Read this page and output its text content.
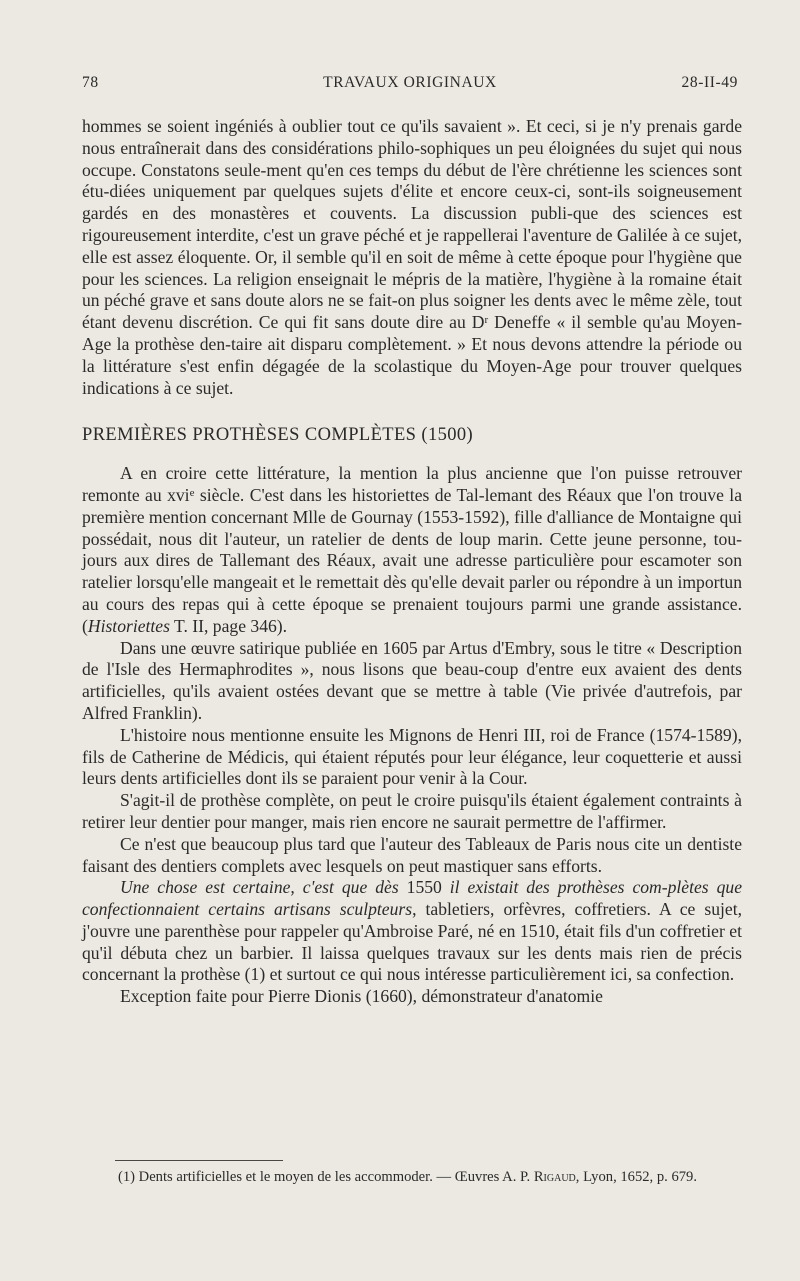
78	TRAVAUX ORIGINAUX	28-II-49

hommes se soient ingéniés à oublier tout ce qu'ils savaient ». Et ceci, si je n'y prenais garde nous entraînerait dans des considérations philo-sophiques un peu éloignées du sujet qui nous occupe. Constatons seule-ment qu'en ces temps du début de l'ère chrétienne les sciences sont étu-diées uniquement par quelques sujets d'élite et encore ceux-ci, sont-ils soigneusement gardés en des monastères et couvents. La discussion publi-que des sciences est rigoureusement interdite, c'est un grave péché et je rappellerai l'aventure de Galilée à ce sujet, elle est assez éloquente. Or, il semble qu'il en soit de même à cette époque pour l'hygiène que pour les sciences. La religion enseignait le mépris de la matière, l'hygiène à la romaine était un péché grave et sans doute alors ne se fait-on plus soigner les dents avec le même zèle, tout étant devenu discrétion. Ce qui fit sans doute dire au $D^r$ Deneffe « il semble qu'au Moyen-Age la prothèse den-taire ait disparu complètement. » Et nous devons attendre la période ou la littérature s'est enfin dégagée de la scolastique du Moyen-Age pour trouver quelques indications à ce sujet.

PREMIÈRES PROTHÈSES COMPLÈTES (1500)

A en croire cette littérature, la mention la plus ancienne que l'on puisse retrouver remonte au xvi$^e$ siècle. C'est dans les historiettes de Tal-lemant des Réaux que l'on trouve la première mention concernant Mlle de Gournay (1553-1592), fille d'alliance de Montaigne qui possédait, nous dit l'auteur, un ratelier de dents de loup marin. Cette jeune personne, tou-jours aux dires de Tallemant des Réaux, avait une adresse particulière pour escamoter son ratelier lorsqu'elle mangeait et le remettait dès qu'elle devait parler ou répondre à un importun au cours des repas qui à cette époque se prenaient toujours parmi une grande assistance. (Historiettes T. II, page 346).

Dans une œuvre satirique publiée en 1605 par Artus d'Embry, sous le titre « Description de l'Isle des Hermaphrodites », nous lisons que beau-coup d'entre eux avaient des dents artificielles, qu'ils avaient ostées devant que se mettre à table (Vie privée d'autrefois, par Alfred Franklin).

L'histoire nous mentionne ensuite les Mignons de Henri III, roi de France (1574-1589), fils de Catherine de Médicis, qui étaient réputés pour leur élégance, leur coquetterie et aussi leurs dents artificielles dont ils se paraient pour venir à la Cour.

S'agit-il de prothèse complète, on peut le croire puisqu'ils étaient également contraints à retirer leur dentier pour manger, mais rien encore ne saurait permettre de l'affirmer.

Ce n'est que beaucoup plus tard que l'auteur des Tableaux de Paris nous cite un dentiste faisant des dentiers complets avec lesquels on peut mastiquer sans efforts.

Une chose est certaine, c'est que dès 1550 il existait des prothèses com-plètes que confectionnaient certains artisans sculpteurs, tabletiers, orfèvres, coffretiers. A ce sujet, j'ouvre une parenthèse pour rappeler qu'Ambroise Paré, né en 1510, était fils d'un coffretier et qu'il débuta chez un barbier. Il laissa quelques travaux sur les dents mais rien de précis concernant la prothèse (1) et surtout ce qui nous intéresse particulièrement ici, sa confection.

Exception faite pour Pierre Dionis (1660), démonstrateur d'anatomie

(1) Dents artificielles et le moyen de les accommoder. — Œuvres A. P. Rigaud, Lyon, 1652, p. 679.
